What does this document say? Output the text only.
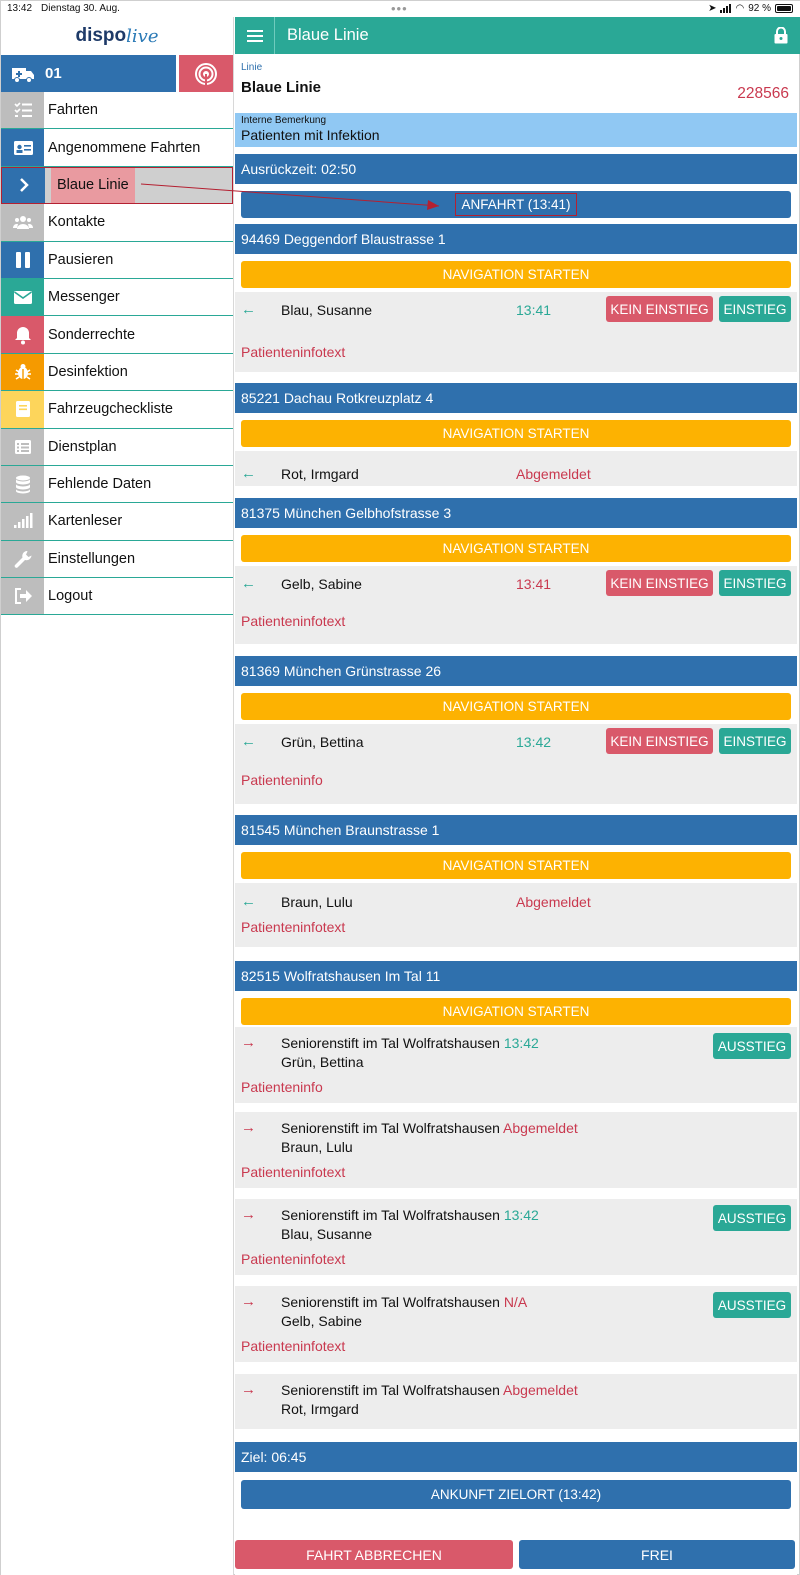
13:42 Dienstag 30. Aug.	•••	➤ ◠ 92 %
dispo live
01
Fahrten
Angenommene Fahrten
Blaue Linie
Kontakte
Pausieren
Messenger
Sonderrechte
Desinfektion
Fahrzeugcheckliste
Dienstplan
Fehlende Daten
Kartenleser
Einstellungen
Logout
Blaue Linie
Linie
Blaue Linie	228566
Interne Bemerkung
Patienten mit Infektion
Ausrückzeit: 02:50
ANFAHRT (13:41)
94469 Deggendorf Blaustrasse 1
NAVIGATION STARTEN
← Blau, Susanne	13:41	KEIN EINSTIEG	EINSTIEG
Patienteninfotext
85221 Dachau Rotkreuzplatz 4
NAVIGATION STARTEN
← Rot, Irmgard	Abgemeldet
81375 München Gelbhofstrasse 3
NAVIGATION STARTEN
← Gelb, Sabine	13:41	KEIN EINSTIEG	EINSTIEG
Patienteninfotext
81369 München Grünstrasse 26
NAVIGATION STARTEN
← Grün, Bettina	13:42	KEIN EINSTIEG	EINSTIEG
Patienteninfo
81545 München Braunstrasse 1
NAVIGATION STARTEN
← Braun, Lulu	Abgemeldet
Patienteninfotext
82515 Wolfratshausen Im Tal 11
NAVIGATION STARTEN
→ Seniorenstift im Tal Wolfratshausen 13:42
Grün, Bettina
Patienteninfo
AUSSTIEG
→ Seniorenstift im Tal Wolfratshausen Abgemeldet
Braun, Lulu
Patienteninfotext
→ Seniorenstift im Tal Wolfratshausen 13:42
Blau, Susanne
Patienteninfotext
AUSSTIEG
→ Seniorenstift im Tal Wolfratshausen N/A
Gelb, Sabine
Patienteninfotext
AUSSTIEG
→ Seniorenstift im Tal Wolfratshausen Abgemeldet
Rot, Irmgard
Ziel: 06:45
ANKUNFT ZIELORT (13:42)
FAHRT ABBRECHEN	FREI
